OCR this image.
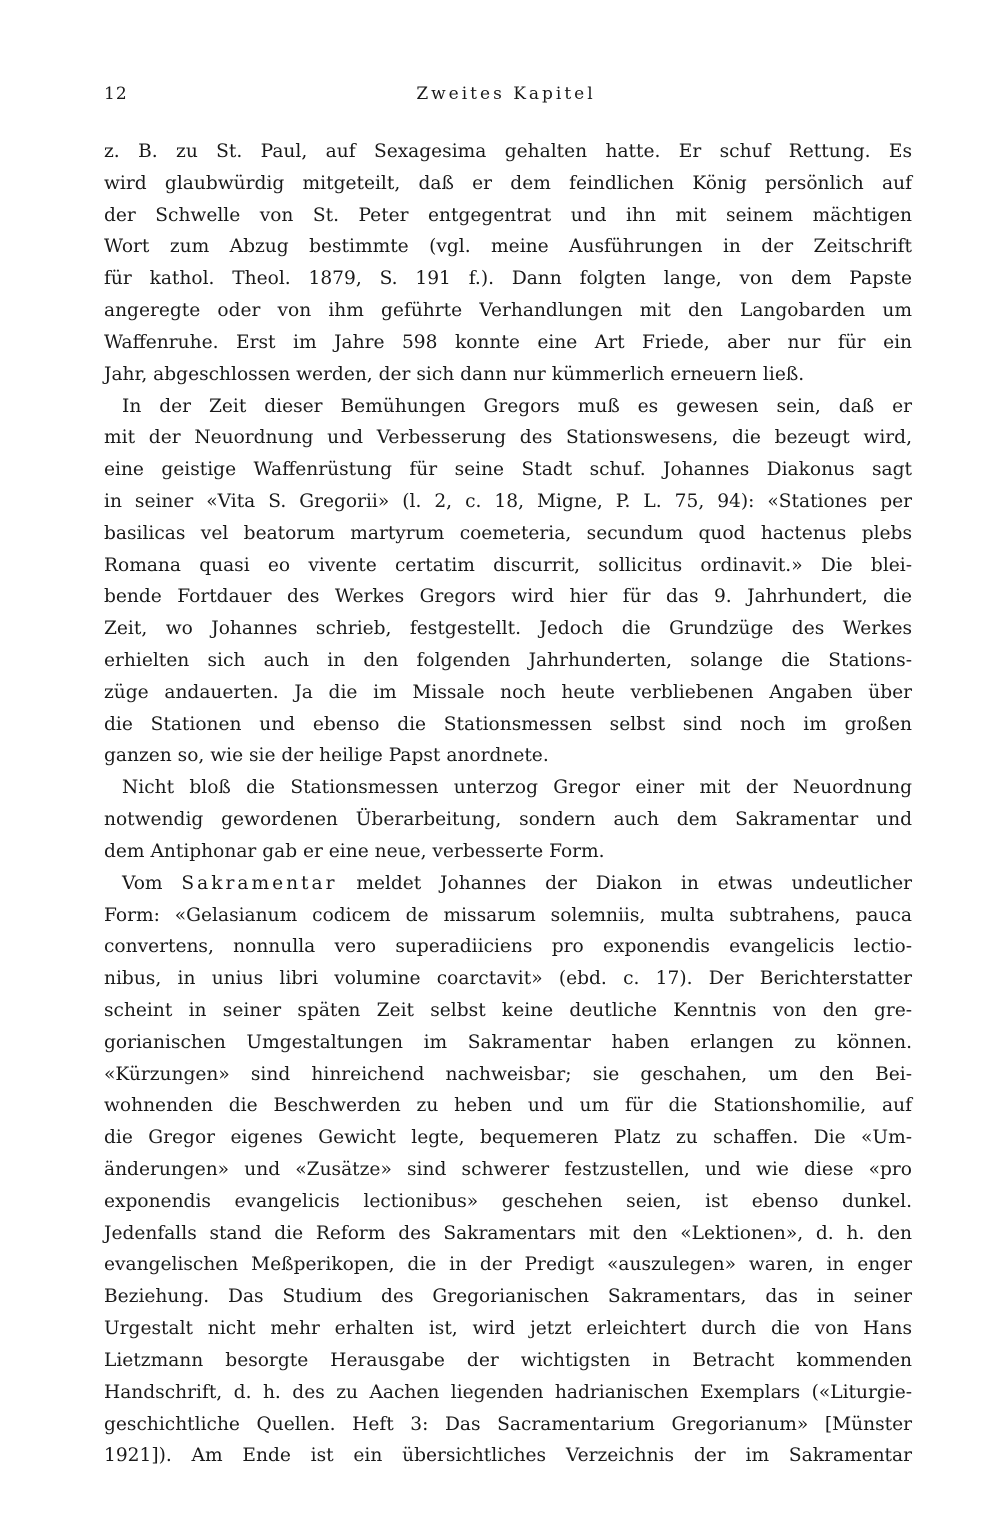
12	Zweites Kapitel
z. B. zu St. Paul, auf Sexagesima gehalten hatte. Er schuf Rettung. Es
wird glaubwürdig mitgeteilt, daß er dem feindlichen König persönlich auf
der Schwelle von St. Peter entgegentrat und ihn mit seinem mächtigen
Wort zum Abzug bestimmte (vgl. meine Ausführungen in der Zeitschrift
für kathol. Theol. 1879, S. 191 f.). Dann folgten lange, von dem Papste
angeregte oder von ihm geführte Verhandlungen mit den Langobarden um
Waffenruhe. Erst im Jahre 598 konnte eine Art Friede, aber nur für ein
Jahr, abgeschlossen werden, der sich dann nur kümmerlich erneuern ließ.
In der Zeit dieser Bemühungen Gregors muß es gewesen sein, daß er
mit der Neuordnung und Verbesserung des Stationswesens, die bezeugt wird,
eine geistige Waffenrüstung für seine Stadt schuf. Johannes Diakonus sagt
in seiner «Vita S. Gregorii» (l. 2, c. 18, Migne, P. L. 75, 94): «Stationes per
basilicas vel beatorum martyrum coemeteria, secundum quod hactenus plebs
Romana quasi eo vivente certatim discurrit, sollicitus ordinavit.» Die blei-
bende Fortdauer des Werkes Gregors wird hier für das 9. Jahrhundert, die
Zeit, wo Johannes schrieb, festgestellt. Jedoch die Grundzüge des Werkes
erhielten sich auch in den folgenden Jahrhunderten, solange die Stations-
züge andauerten. Ja die im Missale noch heute verbliebenen Angaben über
die Stationen und ebenso die Stationsmessen selbst sind noch im großen
ganzen so, wie sie der heilige Papst anordnete.
Nicht bloß die Stationsmessen unterzog Gregor einer mit der Neuordnung
notwendig gewordenen Überarbeitung, sondern auch dem Sakramentar und
dem Antiphonar gab er eine neue, verbesserte Form.
Vom Sakramentar meldet Johannes der Diakon in etwas undeutlicher
Form: «Gelasianum codicem de missarum solemniis, multa subtrahens, pauca
convertens, nonnulla vero superadiiciens pro exponendis evangelicis lectio-
nibus, in unius libri volumine coarctavit» (ebd. c. 17). Der Berichterstatter
scheint in seiner späten Zeit selbst keine deutliche Kenntnis von den gre-
gorianischen Umgestaltungen im Sakramentar haben erlangen zu können.
«Kürzungen» sind hinreichend nachweisbar; sie geschahen, um den Bei-
wohnenden die Beschwerden zu heben und um für die Stationshomilie, auf
die Gregor eigenes Gewicht legte, bequemeren Platz zu schaffen. Die «Um-
änderungen» und «Zusätze» sind schwerer festzustellen, und wie diese «pro
exponendis evangelicis lectionibus» geschehen seien, ist ebenso dunkel.
Jedenfalls stand die Reform des Sakramentars mit den «Lektionen», d. h. den
evangelischen Meßperikopen, die in der Predigt «auszulegen» waren, in enger
Beziehung. Das Studium des Gregorianischen Sakramentars, das in seiner
Urgestalt nicht mehr erhalten ist, wird jetzt erleichtert durch die von Hans
Lietzmann besorgte Herausgabe der wichtigsten in Betracht kommenden
Handschrift, d. h. des zu Aachen liegenden hadrianischen Exemplars («Liturgie-
geschichtliche Quellen. Heft 3: Das Sacramentarium Gregorianum» [Münster
1921]). Am Ende ist ein übersichtliches Verzeichnis der im Sakramentar
